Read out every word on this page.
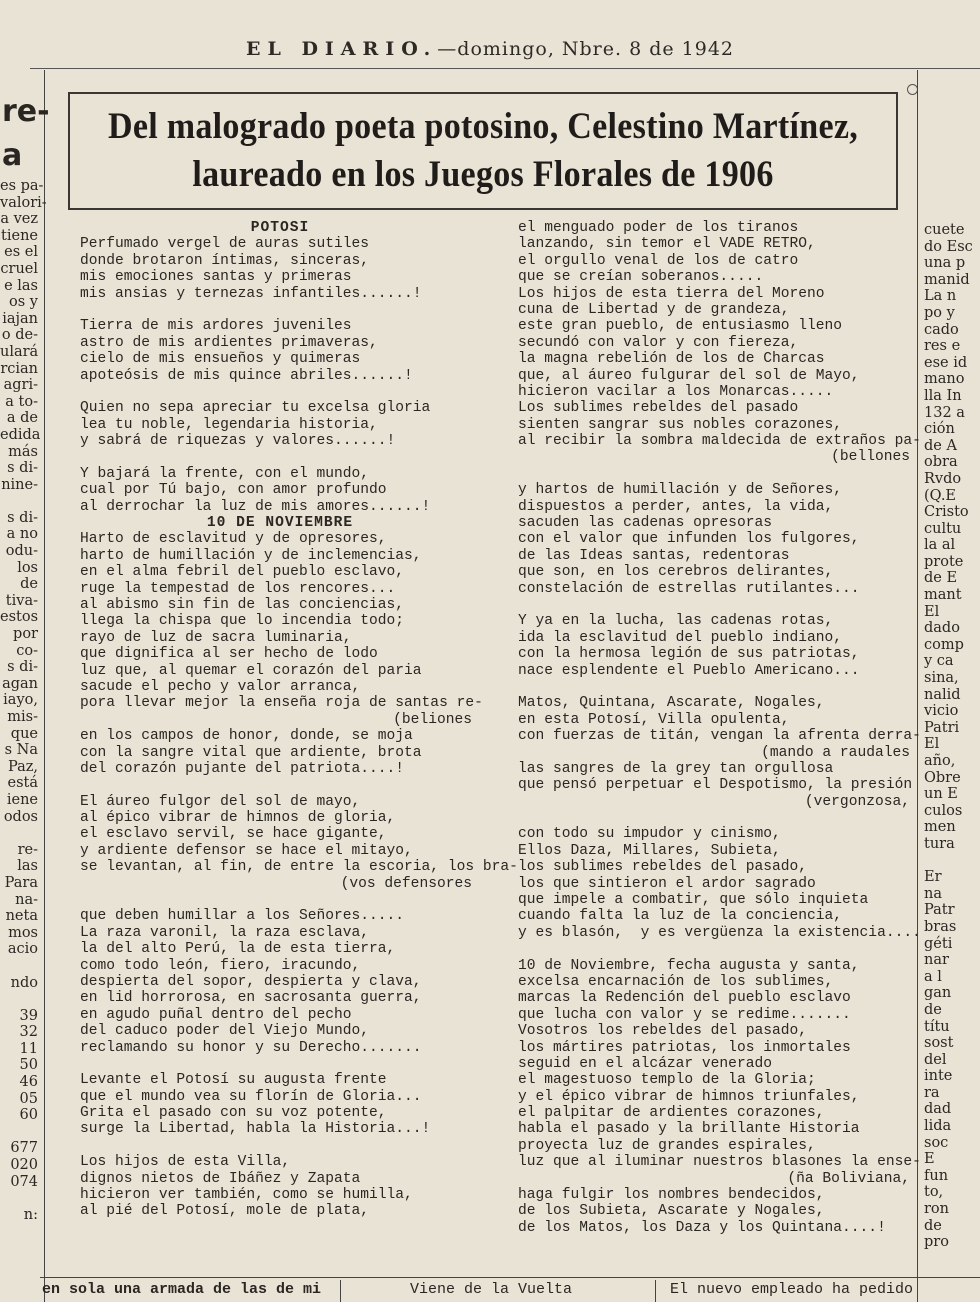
EL DIARIO.—domingo, Nbre. 8 de 1942
re-
a
es pa-
valori-
a vez
tiene
es el
cruel
e las
os y
iajan
o de-
ulará
rcian
agri-
a to-
a de
edida
más
s di-
nine-
s di-
a no
odu-
los
de
tiva-
estos
por
co-
s di-
agan
iayo,
mis-
que
s Na
Paz,
está
iene
odos
re-
las
Para
na-
neta
mos
acio
ndo
39
32
11
50
46
05
60
677
020
074
n:
cuete
do Esc
una p
manid
La n
po y
cado
res e
ese id
mano
lla In
132 a
ción
de A
obra
Rvdo
(Q.E
Cristo
cultu
la al
prote
de E
mant
El
dado
comp
y ca
sina,
nalid
vicio
Patri
El
año,
Obre
un E
culos
men
tura
Er
na
Patr
bras
géti
nar
a l
gan
de
títu
sost
del
inte
ra
dad
lida
soc
E
fun
to,
ron
de
pro
Del malogrado poeta potosino, Celestino Martínez, laureado en los Juegos Florales de 1906
POTOSI
Perfumado vergel de auras sutiles
donde brotaron íntimas, sinceras,
mis emociones santas y primeras
mis ansias y ternezas infantiles......!
Tierra de mis ardores juveniles
astro de mis ardientes primaveras,
cielo de mis ensueños y quimeras
apoteósis de mis quince abriles......!
Quien no sepa apreciar tu excelsa gloria
lea tu noble, legendaria historia,
y sabrá de riquezas y valores......!
Y bajará la frente, con el mundo,
cual por Tú bajo, con amor profundo
al derrochar la luz de mis amores......!
10 DE NOVIEMBRE
Harto de esclavitud y de opresores,
harto de humillación y de inclemencias,
en el alma febril del pueblo esclavo,
ruge la tempestad de los rencores...
al abismo sin fin de las conciencias,
llega la chispa que lo incendia todo;
rayo de luz de sacra luminaria,
que dignifica al ser hecho de lodo
luz que, al quemar el corazón del paria
sacude el pecho y valor arranca,
pora llevar mejor la enseña roja de santas re-
(beliones
en los campos de honor, donde, se moja
con la sangre vital que ardiente, brota
del corazón pujante del patriota....!
El áureo fulgor del sol de mayo,
al épico vibrar de himnos de gloria,
el esclavo servil, se hace gigante,
y ardiente defensor se hace el mitayo,
se levantan, al fin, de entre la escoria, los bra-
(vos defensores
que deben humillar a los Señores.....
La raza varonil, la raza esclava,
la del alto Perú, la de esta tierra,
como todo león, fiero, iracundo,
despierta del sopor, despierta y clava,
en lid horrorosa, en sacrosanta guerra,
en agudo puñal dentro del pecho
del caduco poder del Viejo Mundo,
reclamando su honor y su Derecho.......
Levante el Potosí su augusta frente
que el mundo vea su florín de Gloria...
Grita el pasado con su voz potente,
surge la Libertad, habla la Historia...!
Los hijos de esta Villa,
dignos nietos de Ibáñez y Zapata
hicieron ver también, como se humilla,
al pié del Potosí, mole de plata,
el menguado poder de los tiranos
lanzando, sin temor el VADE RETRO,
el orgullo venal de los de catro
que se creían soberanos.....
Los hijos de esta tierra del Moreno
cuna de Libertad y de grandeza,
este gran pueblo, de entusiasmo lleno
secundó con valor y con fiereza,
la magna rebelión de los de Charcas
que, al áureo fulgurar del sol de Mayo,
hicieron vacilar a los Monarcas.....
Los sublimes rebeldes del pasado
sienten sangrar sus nobles corazones,
al recibir la sombra maldecida de extraños pa-
(bellones
y hartos de humillación y de Señores,
dispuestos a perder, antes, la vida,
sacuden las cadenas opresoras
con el valor que infunden los fulgores,
de las Ideas santas, redentoras
que son, en los cerebros delirantes,
constelación de estrellas rutilantes...
Y ya en la lucha, las cadenas rotas,
ida la esclavitud del pueblo indiano,
con la hermosa legión de sus patriotas,
nace esplendente el Pueblo Americano...
Matos, Quintana, Ascarate, Nogales,
en esta Potosí, Villa opulenta,
con fuerzas de titán, vengan la afrenta derra-
(mando a raudales
las sangres de la grey tan orgullosa
que pensó perpetuar el Despotismo, la presión
(vergonzosa,
con todo su impudor y cinismo,
Ellos Daza, Millares, Subieta,
los sublimes rebeldes del pasado,
los que sintieron el ardor sagrado
que impele a combatir, que sólo inquieta
cuando falta la luz de la conciencia,
y es blasón,  y es vergüenza la existencia....
10 de Noviembre, fecha augusta y santa,
excelsa encarnación de los sublimes,
marcas la Redención del pueblo esclavo
que lucha con valor y se redime.......
Vosotros los rebeldes del pasado,
los mártires patriotas, los inmortales
seguid en el alcázar venerado
el magestuoso templo de la Gloria;
y el épico vibrar de himnos triunfales,
el palpitar de ardientes corazones,
habla el pasado y la brillante Historia
proyecta luz de grandes espirales,
luz que al iluminar nuestros blasones la ense-
(ña Boliviana,
haga fulgir los nombres bendecidos,
de los Subieta, Ascarate y Nogales,
de los Matos, los Daza y los Quintana....!
en sola una armada de las de mi	Viene de la Vuelta	El nuevo empleado ha pedido
